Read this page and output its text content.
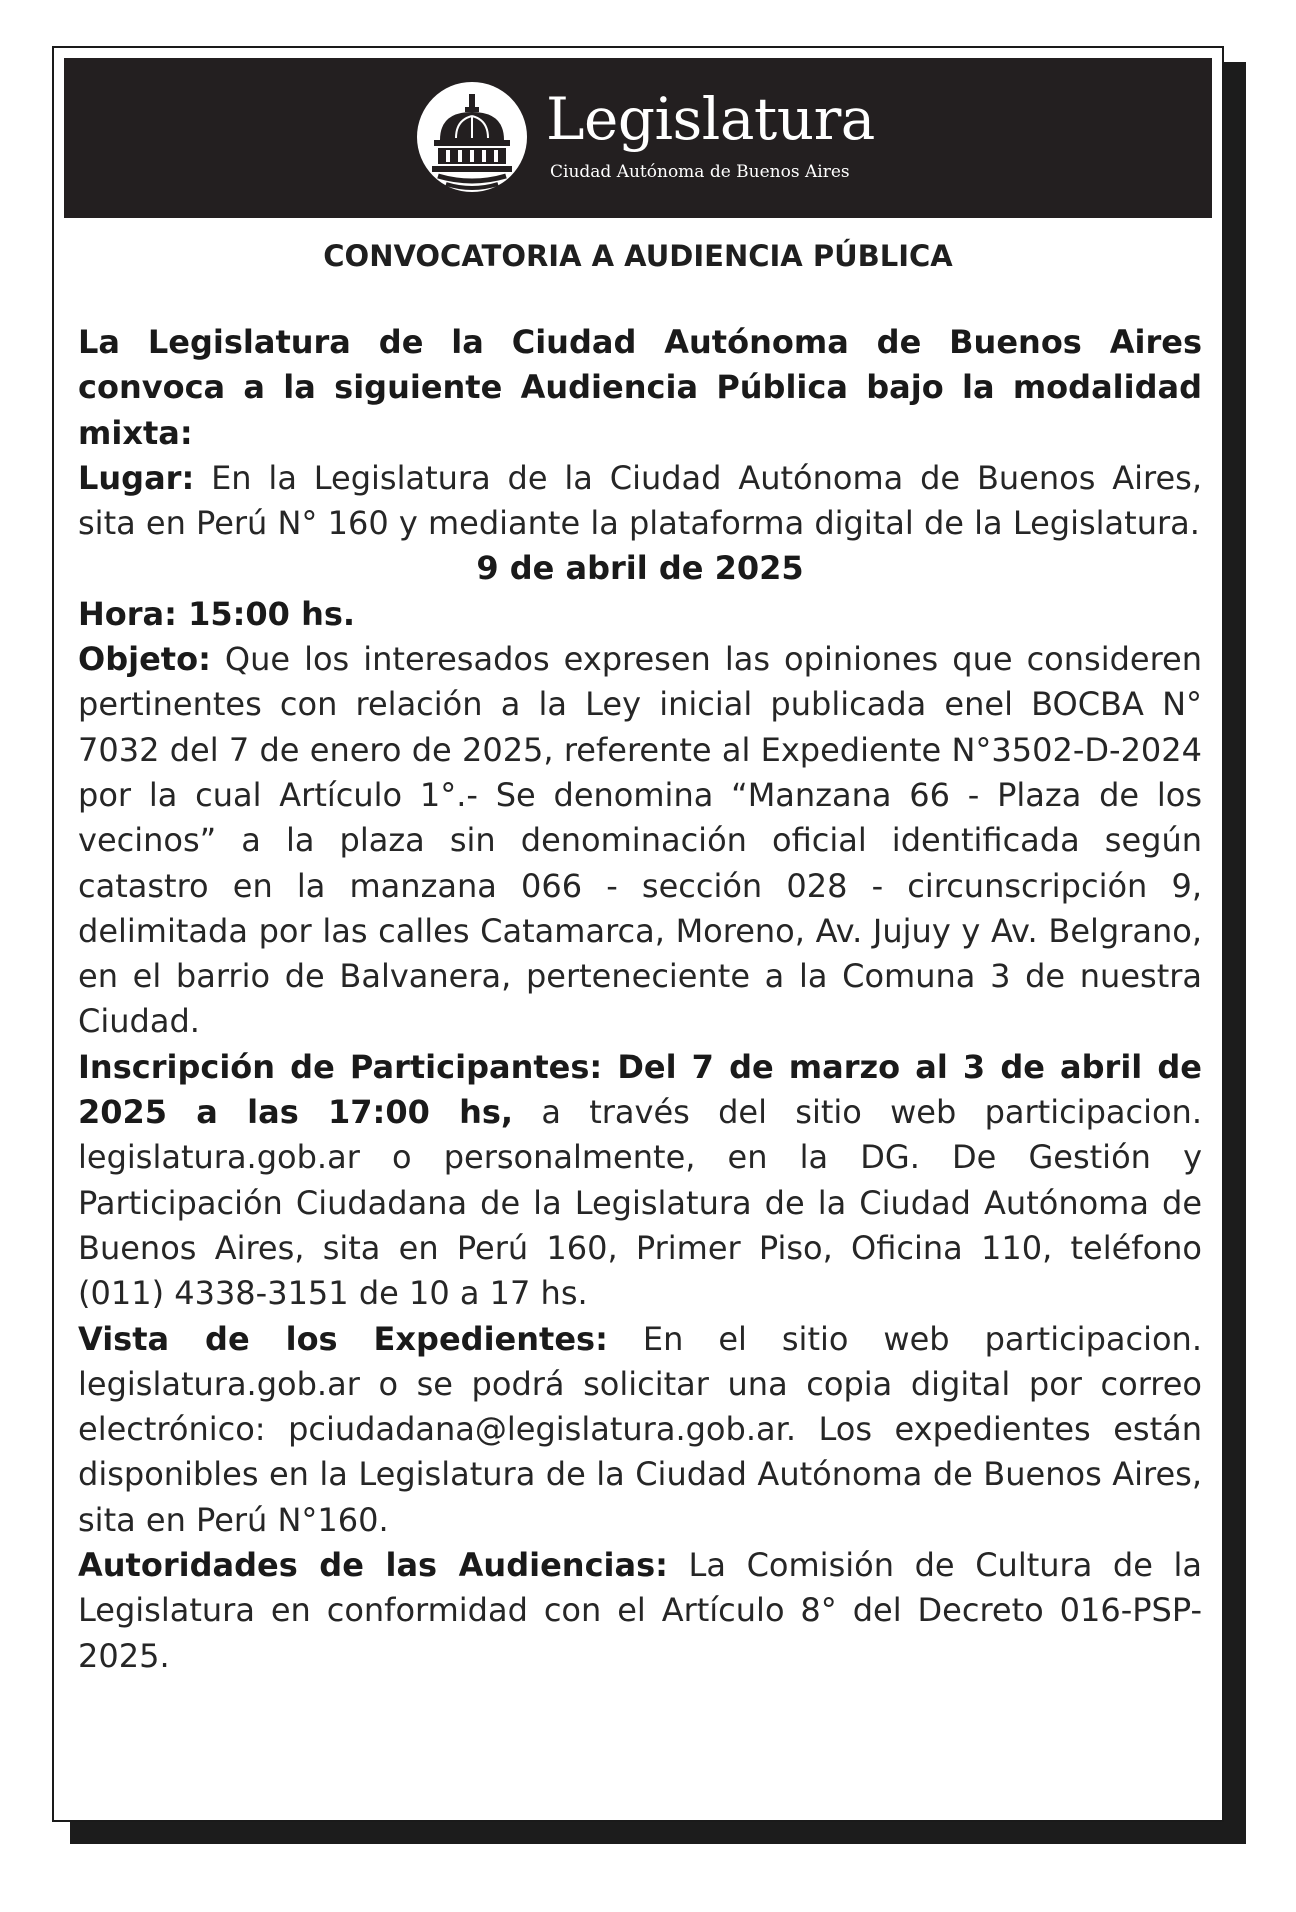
Legislatura
Ciudad Autónoma de Buenos Aires
CONVOCATORIA A AUDIENCIA PÚBLICA

La Legislatura de la Ciudad Autónoma de Buenos Aires convoca a la siguiente Audiencia Pública bajo la modalidad mixta:

Lugar: En la Legislatura de la Ciudad Autónoma de Buenos Aires, sita en Perú N° 160 y mediante la plataforma digital de la Legislatura.

9 de abril de 2025

Hora: 15:00 hs.

Objeto: Que los interesados expresen las opiniones que consideren pertinentes con relación a la Ley inicial publicada enel BOCBA N° 7032 del 7 de enero de 2025, referente al Expediente N°3502-D-2024 por la cual Artículo 1°.- Se denomina “Manzana 66 - Plaza de los vecinos” a la plaza sin denominación oficial identificada según catastro en la manzana 066 - sección 028 - circunscripción 9, delimitada por las calles Catamarca, Moreno, Av. Jujuy y Av. Belgrano, en el barrio de Balvanera, perteneciente a la Comuna 3 de nuestra Ciudad.

Inscripción de Participantes: Del 7 de marzo al 3 de abril de 2025 a las 17:00 hs, a través del sitio web participacion. legislatura.gob.ar o personalmente, en la DG. De Gestión y Participación Ciudadana de la Legislatura de la Ciudad Autónoma de Buenos Aires, sita en Perú 160, Primer Piso, Oficina 110, teléfono (011) 4338-3151 de 10 a 17 hs.

Vista de los Expedientes: En el sitio web participacion. legislatura.gob.ar o se podrá solicitar una copia digital por correo electrónico: pciudadana@legislatura.gob.ar. Los expedientes están disponibles en la Legislatura de la Ciudad Autónoma de Buenos Aires, sita en Perú N°160.

Autoridades de las Audiencias: La Comisión de Cultura de la Legislatura en conformidad con el Artículo 8° del Decreto 016-PSP-2025.
